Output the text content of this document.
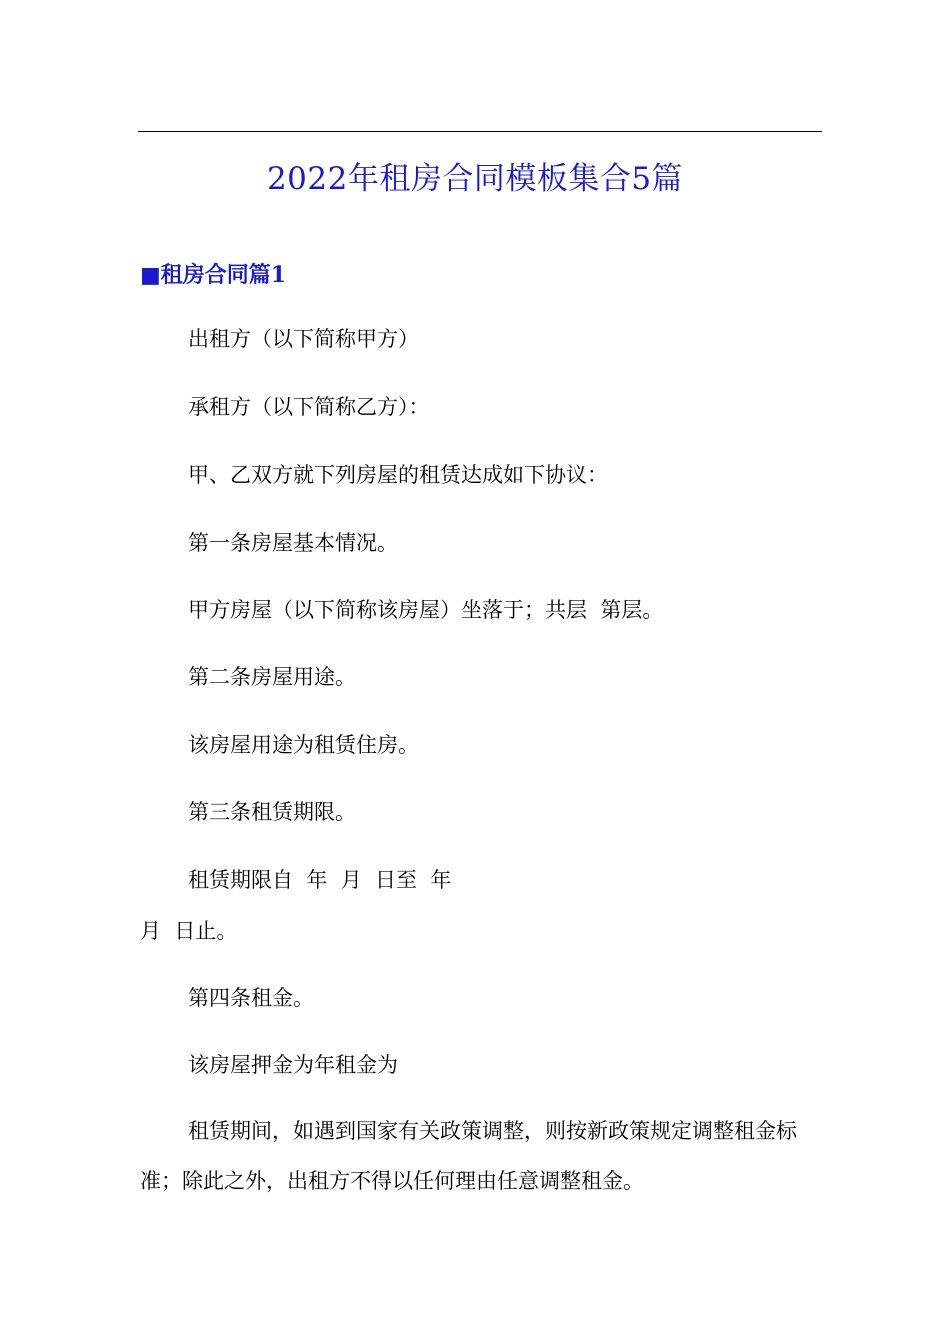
2022年租房合同模板集合5篇
■租房合同篇1

出租方（以下简称甲方）

承租方（以下简称乙方）：

甲、乙双方就下列房屋的租赁达成如下协议：

第一条房屋基本情况。

甲方房屋（以下简称该房屋）坐落于；共层  第层。

第二条房屋用途。

该房屋用途为租赁住房。

第三条租赁期限。

租赁期限自  年  月  日至  年

月  日止。

第四条租金。

该房屋押金为年租金为

租赁期间，如遇到国家有关政策调整，则按新政策规定调整租金标准；除此之外，出租方不得以任何理由任意调整租金。
